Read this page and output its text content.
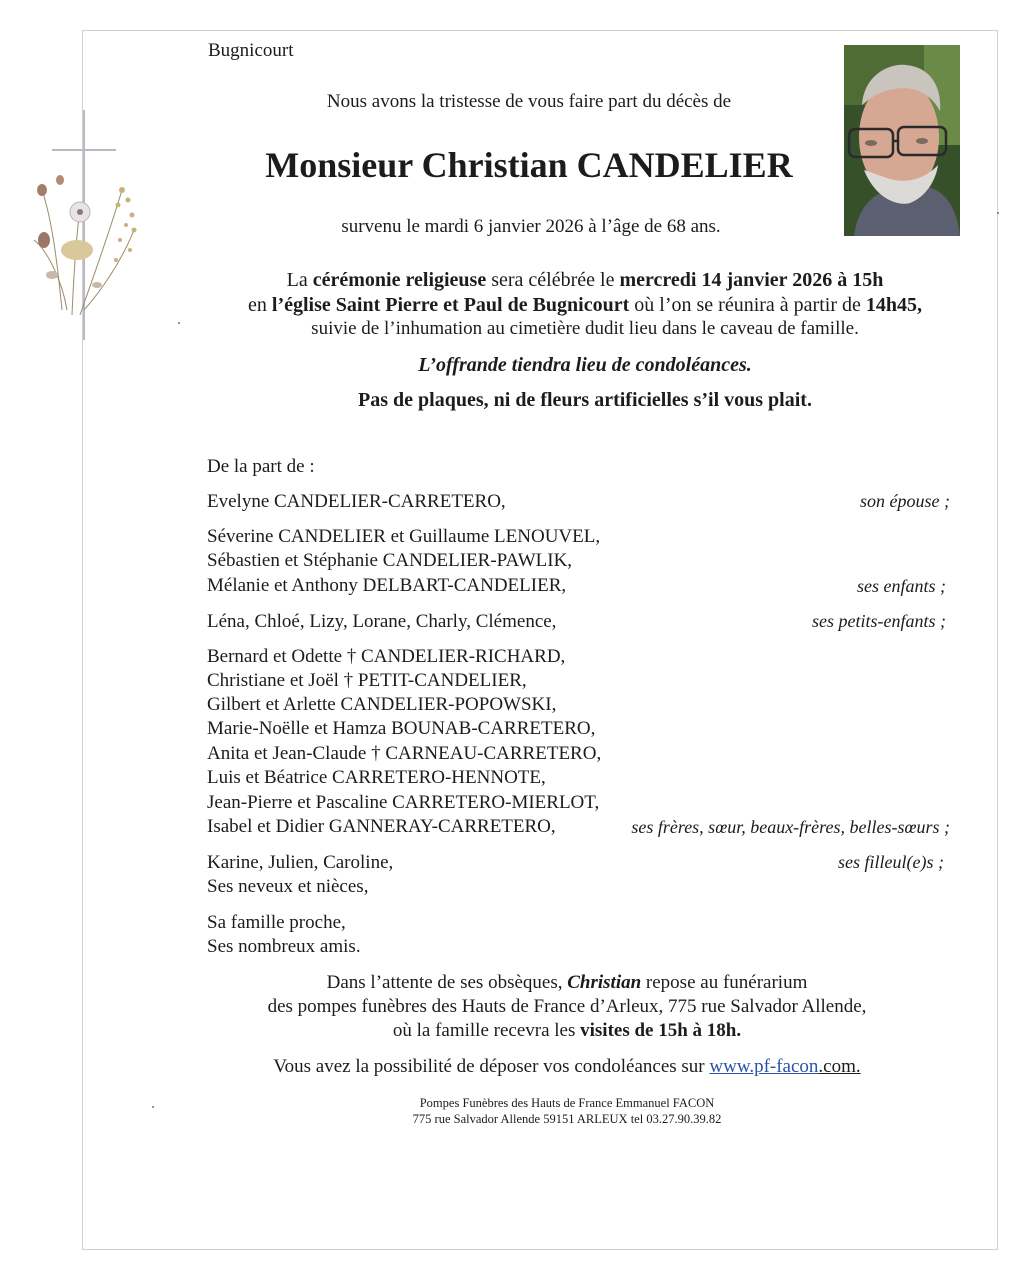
Bugnicourt
Nous avons la tristesse de vous faire part du décès de
Monsieur Christian CANDELIER
survenu le mardi 6 janvier 2026 à l’âge de 68 ans.
La cérémonie religieuse sera célébrée le mercredi 14 janvier 2026 à 15h
en l’église Saint Pierre et Paul de Bugnicourt où l’on se réunira à partir de 14h45,
suivie de l’inhumation au cimetière dudit lieu dans le caveau de famille.
L’offrande tiendra lieu de condoléances.
Pas de plaques, ni de fleurs artificielles s’il vous plait.
De la part de :
Evelyne CANDELIER-CARRETERO,	son épouse ;
Séverine CANDELIER et Guillaume LENOUVEL,
Sébastien et Stéphanie CANDELIER-PAWLIK,
Mélanie et Anthony DELBART-CANDELIER,	ses enfants ;
Léna, Chloé, Lizy, Lorane, Charly, Clémence,	ses petits-enfants ;
Bernard et Odette † CANDELIER-RICHARD,
Christiane et Joël † PETIT-CANDELIER,
Gilbert et Arlette CANDELIER-POPOWSKI,
Marie-Noëlle et Hamza BOUNAB-CARRETERO,
Anita et Jean-Claude † CARNEAU-CARRETERO,
Luis et Béatrice CARRETERO-HENNOTE,
Jean-Pierre et Pascaline CARRETERO-MIERLOT,
Isabel et Didier GANNERAY-CARRETERO,	ses frères, sœur, beaux-frères, belles-sœurs ;
Karine, Julien, Caroline,	ses filleul(e)s ;
Ses neveux et nièces,
Sa famille proche,
Ses nombreux amis.
Dans l’attente de ses obsèques, Christian repose au funérarium
des pompes funèbres des Hauts de France d’Arleux, 775 rue Salvador Allende,
où la famille recevra les visites de 15h à 18h.
Vous avez la possibilité de déposer vos condoléances sur www.pf-facon.com.
Pompes Funèbres des Hauts de France Emmanuel FACON
775 rue Salvador Allende 59151 ARLEUX tel 03.27.90.39.82
